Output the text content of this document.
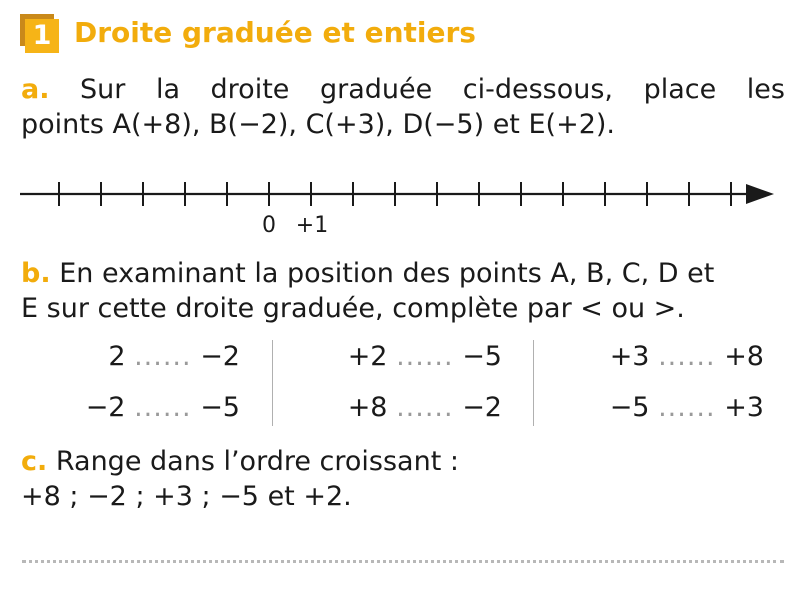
1 Droite graduée et entiers
a. Sur la droite graduée ci-dessous, place les
points A(+8), B(−2), C(+3), D(−5) et E(+2).
0 +1
b. En examinant la position des points A, B, C, D et
E sur cette droite graduée, complète par < ou >.
2 ...... −2
−2 ...... −5
+2 ...... −5
+8 ...... −2
+3 ...... +8
−5 ...... +3
c. Range dans l’ordre croissant :
+8 ; −2 ; +3 ; −5 et +2.
